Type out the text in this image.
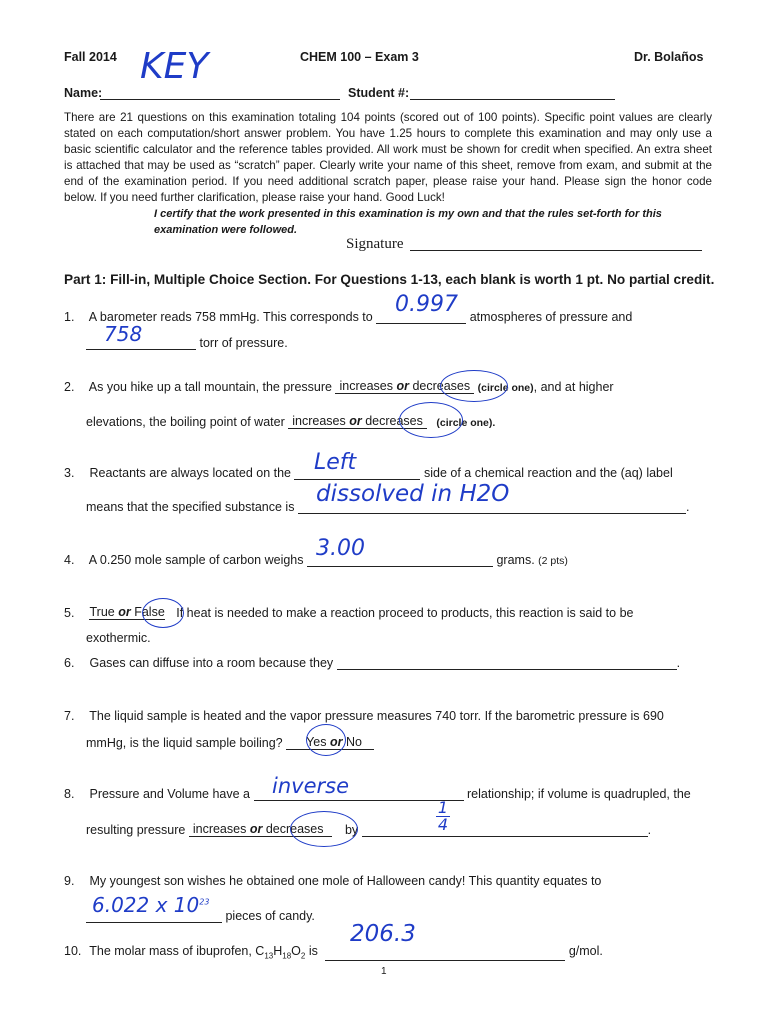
Fall 2014	CHEM 100 – Exam 3	Dr. Bolaños
Name:
KEY
Student #:
There are 21 questions on this examination totaling 104 points (scored out of 100 points). Specific point values are clearly stated on each computation/short answer problem. You have 1.25 hours to complete this examination and may only use a basic scientific calculator and the reference tables provided. All work must be shown for credit when specified. An extra sheet is attached that may be used as “scratch” paper. Clearly write your name of this sheet, remove from exam, and submit at the end of the examination period. If you need additional scratch paper, please raise your hand. Please sign the honor code below. If you need further clarification, please raise your hand. Good Luck!
I certify that the work presented in this examination is my own and that the rules set-forth for this examination were followed.
Signature
Part 1: Fill-in, Multiple Choice Section. For Questions 1-13, each blank is worth 1 pt. No partial credit.
1. A barometer reads 758 mmHg. This corresponds to	atmospheres of pressure and
0.997
torr of pressure.
758
2. As you hike up a tall mountain, the pressure increases or decreases (circle one), and at higher
elevations, the boiling point of water increases or decreases (circle one).
3. Reactants are always located on the	side of a chemical reaction and the (aq) label
Left
means that the specified substance is	.
dissolved in H2O
4. A 0.250 mole sample of carbon weighs	grams. (2 pts)
3.00
5. True or False If heat is needed to make a reaction proceed to products, this reaction is said to be
exothermic.
6. Gases can diffuse into a room because they	.
7. The liquid sample is heated and the vapor pressure measures 740 torr. If the barometric pressure is 690
mmHg, is the liquid sample boiling? Yes or No
8. Pressure and Volume have a	relationship; if volume is quadrupled, the
inverse
resulting pressure increases or decreases by	.
1
4
9. My youngest son wishes he obtained one mole of Halloween candy! This quantity equates to
pieces of candy.
6.022 x $10^{23}$
10. The molar mass of ibuprofen, $C_{13}H_{18}O_2$ is	g/mol.
206.3
1
